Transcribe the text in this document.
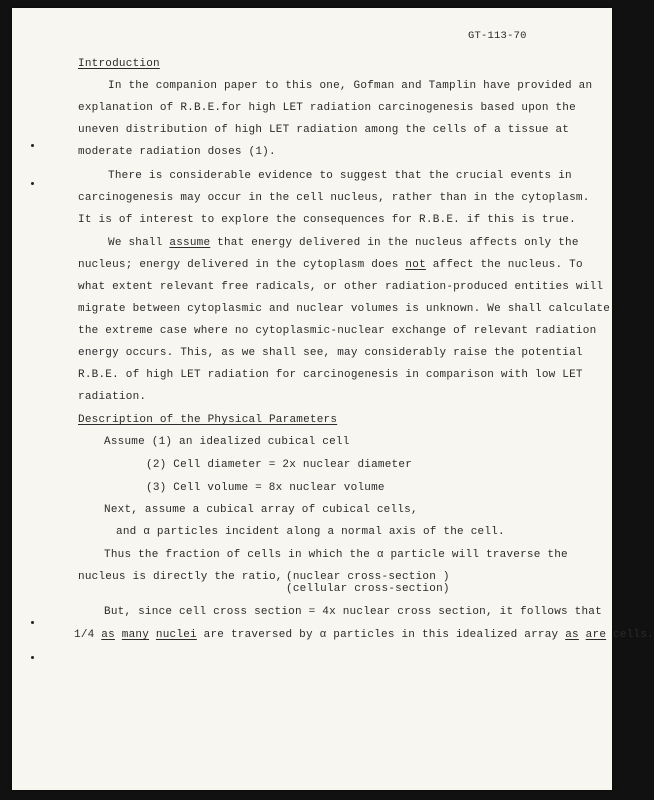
GT-113-70
Introduction
In the companion paper to this one, Gofman and Tamplin have provided an
explanation of R.B.E.for high LET radiation carcinogenesis based upon the
uneven distribution of high LET radiation among the cells of a tissue at
moderate radiation doses (1).
There is considerable evidence to suggest that the crucial events in
carcinogenesis may occur in the cell nucleus, rather than in the cytoplasm.
It is of interest to explore the consequences for R.B.E. if this is true.
We shall assume that energy delivered in the nucleus affects only the
nucleus; energy delivered in the cytoplasm does not affect the nucleus. To
what extent relevant free radicals, or other radiation-produced entities will
migrate between cytoplasmic and nuclear volumes is unknown. We shall calculate
the extreme case where no cytoplasmic-nuclear exchange of relevant radiation
energy occurs. This, as we shall see, may considerably raise the potential
R.B.E. of high LET radiation for carcinogenesis in comparison with low LET
radiation.
Description of the Physical Parameters
Assume (1) an idealized cubical cell
(2) Cell diameter = 2x nuclear diameter
(3) Cell volume = 8x nuclear volume
Next, assume a cubical array of cubical cells,
and α particles incident along a normal axis of the cell.
Thus the fraction of cells in which the α particle will traverse the
nucleus is directly the ratio, (nuclear cross-section )
(cellular cross-section)
But, since cell cross section = 4x nuclear cross section, it follows that
1/4 as many nuclei are traversed by α particles in this idealized array as are cells.
